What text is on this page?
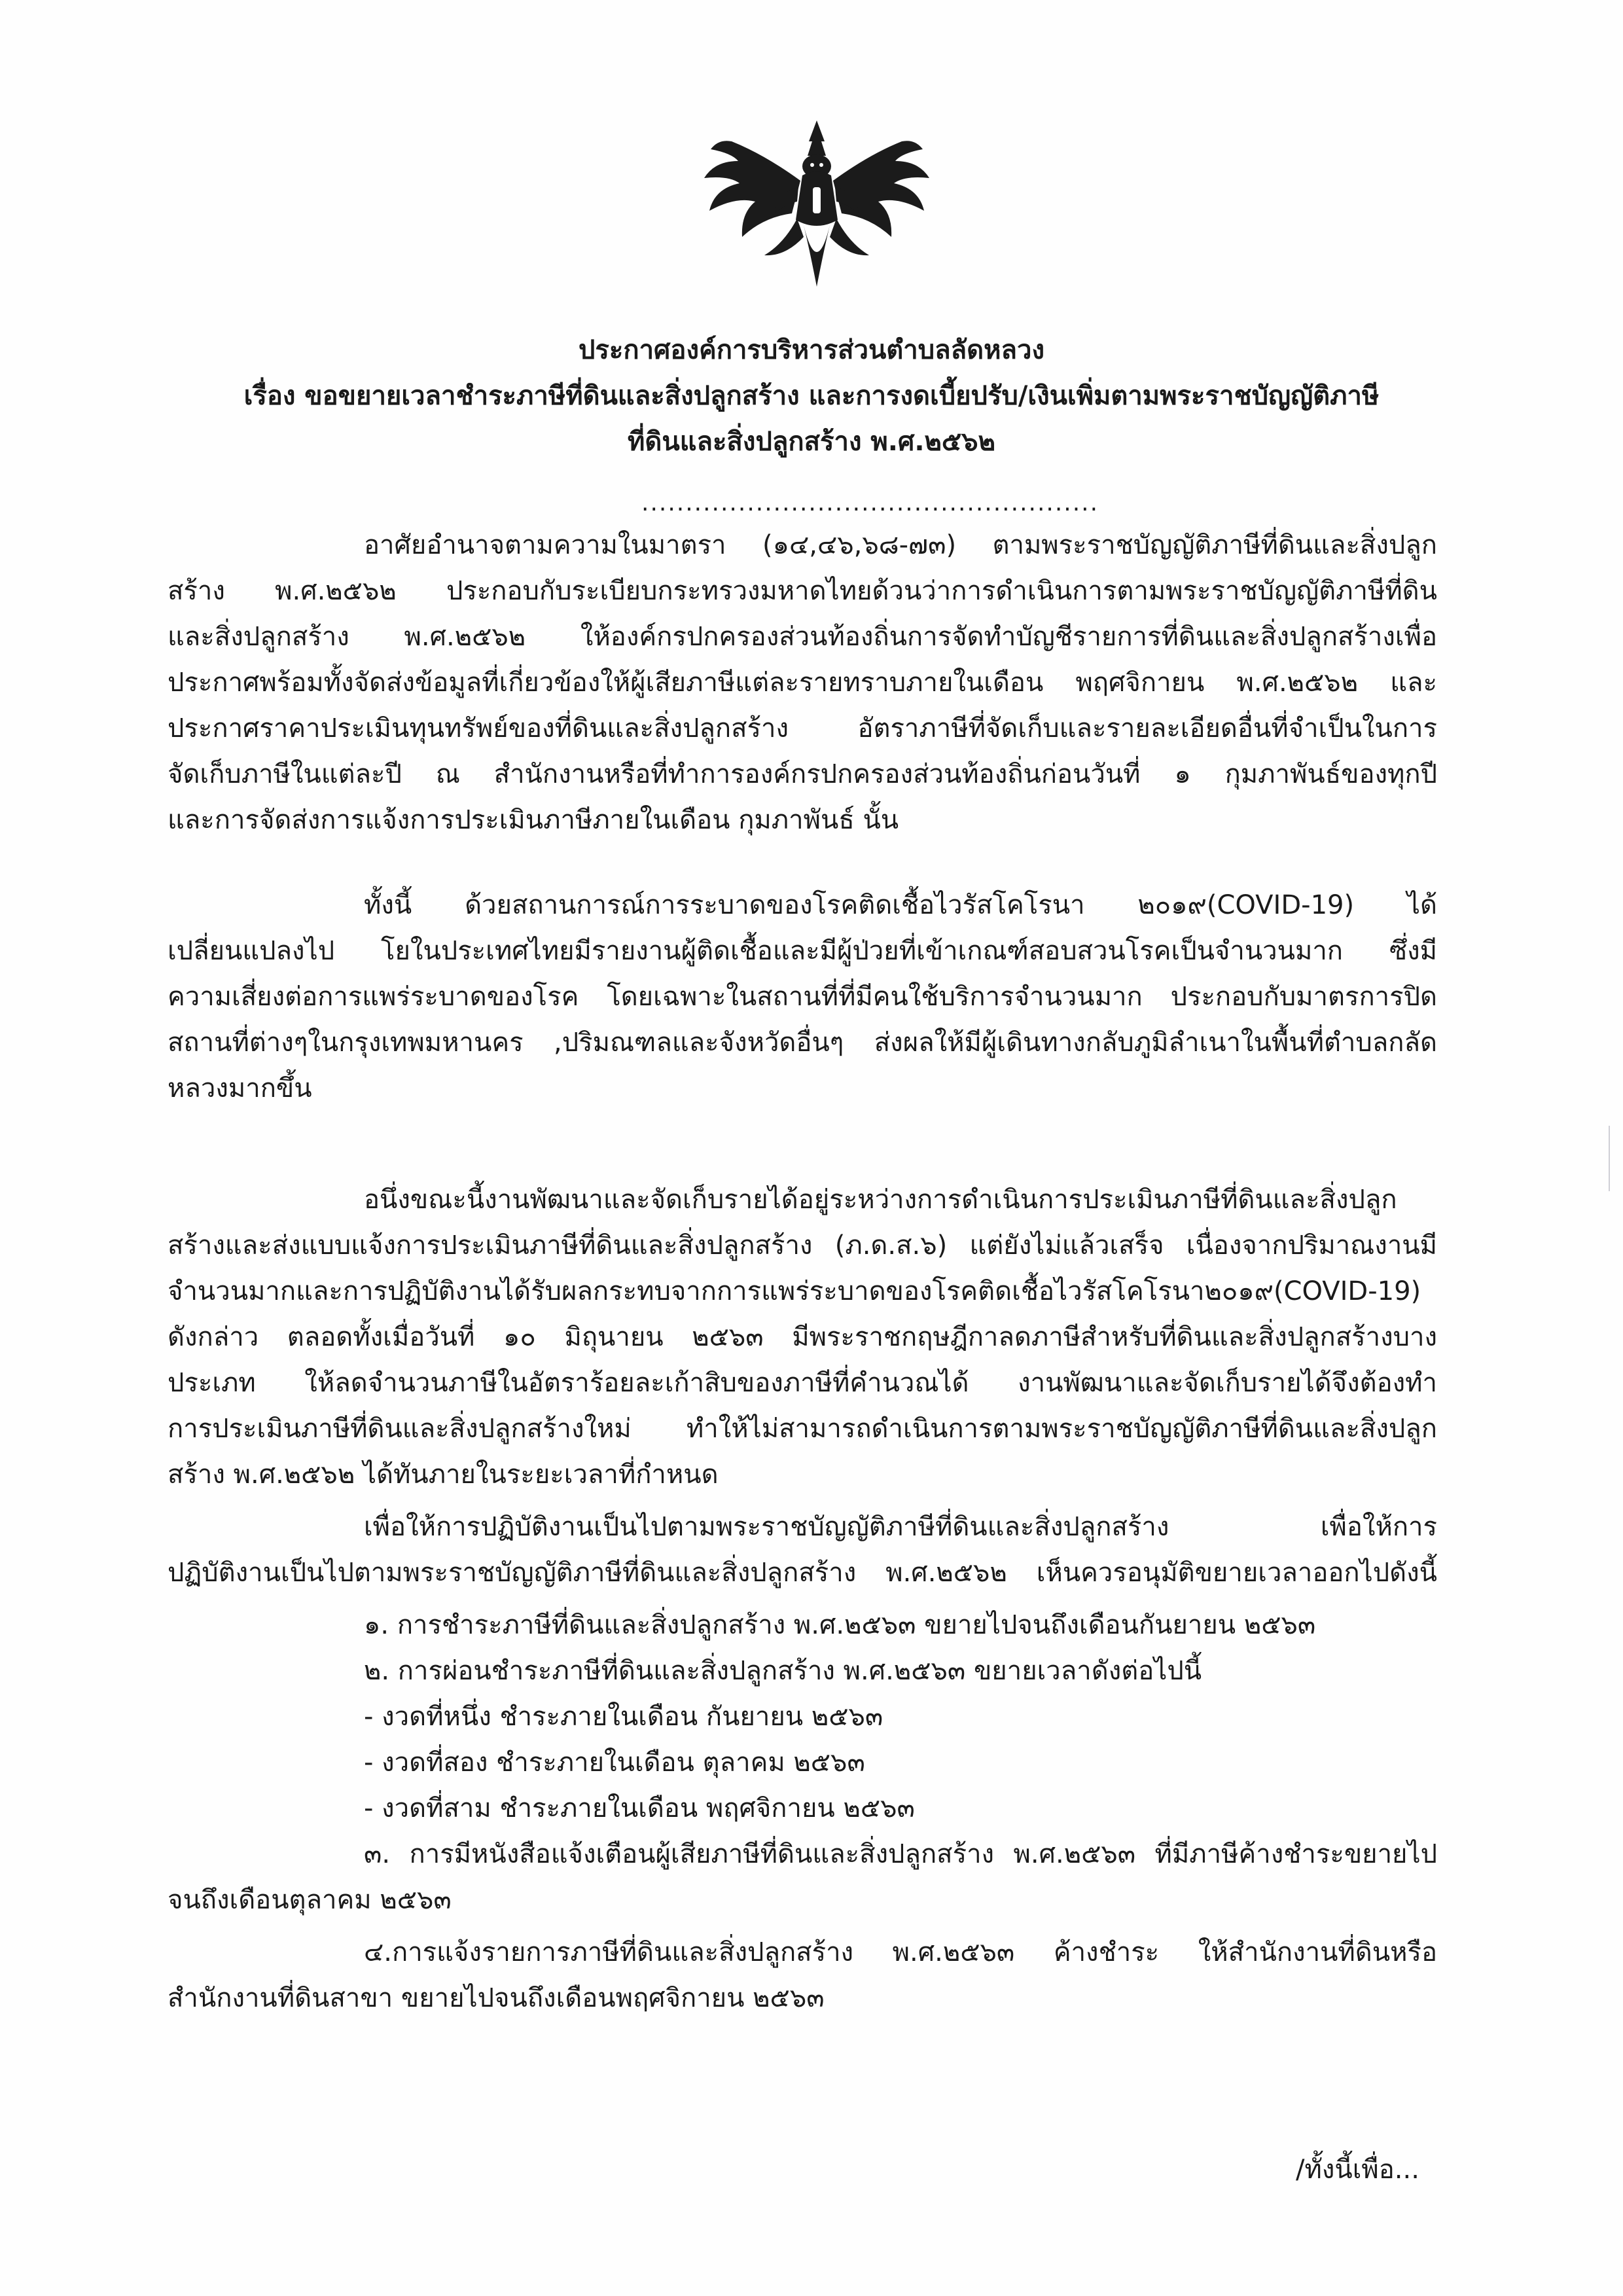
ประกาศองค์การบริหารส่วนตำบลลัดหลวง
เรื่อง ขอขยายเวลาชำระภาษีที่ดินและสิ่งปลูกสร้าง และการงดเบี้ยปรับ/เงินเพิ่มตามพระราชบัญญัติภาษี
ที่ดินและสิ่งปลูกสร้าง พ.ศ.๒๕๖๒
....................................................
อาศัยอำนาจตามความในมาตรา (๑๔,๔๖,๖๘-๗๓) ตามพระราชบัญญัติภาษีที่ดินและสิ่งปลูก
สร้าง พ.ศ.๒๕๖๒ ประกอบกับระเบียบกระทรวงมหาดไทยด้วนว่าการดำเนินการตามพระราชบัญญัติภาษีที่ดิน
และสิ่งปลูกสร้าง พ.ศ.๒๕๖๒ ให้องค์กรปกครองส่วนท้องถิ่นการจัดทำบัญชีรายการที่ดินและสิ่งปลูกสร้างเพื่อ
ประกาศพร้อมทั้งจัดส่งข้อมูลที่เกี่ยวข้องให้ผู้เสียภาษีแต่ละรายทราบภายในเดือน พฤศจิกายน พ.ศ.๒๕๖๒ และ
ประกาศราคาประเมินทุนทรัพย์ของที่ดินและสิ่งปลูกสร้าง อัตราภาษีที่จัดเก็บและรายละเอียดอื่นที่จำเป็นในการ
จัดเก็บภาษีในแต่ละปี ณ สำนักงานหรือที่ทำการองค์กรปกครองส่วนท้องถิ่นก่อนวันที่ ๑ กุมภาพันธ์ของทุกปี
และการจัดส่งการแจ้งการประเมินภาษีภายในเดือน กุมภาพันธ์ นั้น
ทั้งนี้ ด้วยสถานการณ์การระบาดของโรคติดเชื้อไวรัสโคโรนา ๒๐๑๙(COVID-19) ได้
เปลี่ยนแปลงไป โยในประเทศไทยมีรายงานผู้ติดเชื้อและมีผู้ป่วยที่เข้าเกณฑ์สอบสวนโรคเป็นจำนวนมาก ซึ่งมี
ความเสี่ยงต่อการแพร่ระบาดของโรค โดยเฉพาะในสถานที่ที่มีคนใช้บริการจำนวนมาก ประกอบกับมาตรการปิด
สถานที่ต่างๆในกรุงเทพมหานคร ,ปริมณฑลและจังหวัดอื่นๆ ส่งผลให้มีผู้เดินทางกลับภูมิลำเนาในพื้นที่ตำบลกลัด
หลวงมากขึ้น
อนึ่งขณะนี้งานพัฒนาและจัดเก็บรายได้อยู่ระหว่างการดำเนินการประเมินภาษีที่ดินและสิ่งปลูก
สร้างและส่งแบบแจ้งการประเมินภาษีที่ดินและสิ่งปลูกสร้าง (ภ.ด.ส.๖) แต่ยังไม่แล้วเสร็จ เนื่องจากปริมาณงานมี
จำนวนมากและการปฏิบัติงานได้รับผลกระทบจากการแพร่ระบาดของโรคติดเชื้อไวรัสโคโรนา๒๐๑๙(COVID-19)
ดังกล่าว ตลอดทั้งเมื่อวันที่ ๑๐ มิถุนายน ๒๕๖๓ มีพระราชกฤษฎีกาลดภาษีสำหรับที่ดินและสิ่งปลูกสร้างบาง
ประเภท ให้ลดจำนวนภาษีในอัตราร้อยละเก้าสิบของภาษีที่คำนวณได้ งานพัฒนาและจัดเก็บรายได้จึงต้องทำ
การประเมินภาษีที่ดินและสิ่งปลูกสร้างใหม่ ทำให้ไม่สามารถดำเนินการตามพระราชบัญญัติภาษีที่ดินและสิ่งปลูก
สร้าง พ.ศ.๒๕๖๒ ได้ทันภายในระยะเวลาที่กำหนด
เพื่อให้การปฏิบัติงานเป็นไปตามพระราชบัญญัติภาษีที่ดินและสิ่งปลูกสร้าง เพื่อให้การ
ปฏิบัติงานเป็นไปตามพระราชบัญญัติภาษีที่ดินและสิ่งปลูกสร้าง พ.ศ.๒๕๖๒ เห็นควรอนุมัติขยายเวลาออกไปดังนี้
๑. การชำระภาษีที่ดินและสิ่งปลูกสร้าง พ.ศ.๒๕๖๓ ขยายไปจนถึงเดือนกันยายน ๒๕๖๓
๒. การผ่อนชำระภาษีที่ดินและสิ่งปลูกสร้าง พ.ศ.๒๕๖๓ ขยายเวลาดังต่อไปนี้
- งวดที่หนึ่ง ชำระภายในเดือน กันยายน ๒๕๖๓
- งวดที่สอง ชำระภายในเดือน ตุลาคม ๒๕๖๓
- งวดที่สาม ชำระภายในเดือน พฤศจิกายน ๒๕๖๓
๓. การมีหนังสือแจ้งเตือนผู้เสียภาษีที่ดินและสิ่งปลูกสร้าง พ.ศ.๒๕๖๓ ที่มีภาษีค้างชำระขยายไป
จนถึงเดือนตุลาคม ๒๕๖๓
๔.การแจ้งรายการภาษีที่ดินและสิ่งปลูกสร้าง พ.ศ.๒๕๖๓ ค้างชำระ ให้สำนักงานที่ดินหรือ
สำนักงานที่ดินสาขา ขยายไปจนถึงเดือนพฤศจิกายน ๒๕๖๓
/ทั้งนี้เพื่อ...
